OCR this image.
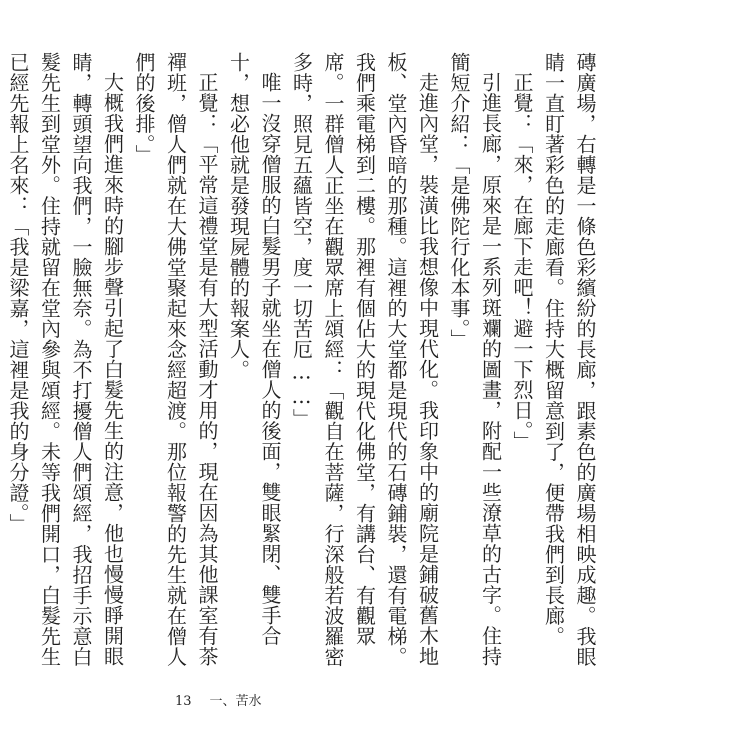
磚廣場，右轉是一條色彩繽紛的長廊，跟素色的廣場相映成趣。我眼睛一直盯著彩色的走廊看。住持大概留意到了，便帶我們到長廊。

正覺：「來，在廊下走吧！避一下烈日。」

引進長廊，原來是一系列斑斕的圖畫，附配一些潦草的古字。住持簡短介紹：「是佛陀行化本事。」

走進內堂，裝潢比我想像中現代化。我印象中的廟院是鋪破舊木地板、堂內昏暗的那種。這裡的大堂都是現代的石磚鋪裝，還有電梯。我們乘電梯到二樓。那裡有個佔大的現代化佛堂，有講台、有觀眾席。一群僧人正坐在觀眾席上頌經：「觀自在菩薩，行深般若波羅密多時，照見五蘊皆空，度一切苦厄……」

唯一沒穿僧服的白髮男子就坐在僧人的後面，雙眼緊閉、雙手合十，想必他就是發現屍體的報案人。

正覺：「平常這禮堂是有大型活動才用的，現在因為其他課室有茶禪班，僧人們就在大佛堂聚起來念經超渡。那位報警的先生就在僧人們的後排。」

大概我們進來時的腳步聲引起了白髮先生的注意，他也慢慢睜開眼睛，轉頭望向我們，一臉無奈。為不打擾僧人們頌經，我招手示意白髮先生到堂外。住持就留在堂內參與頌經。未等我們開口，白髮先生已經先報上名來：「我是梁嘉，這裡是我的身分證。」

13 一、苦水
